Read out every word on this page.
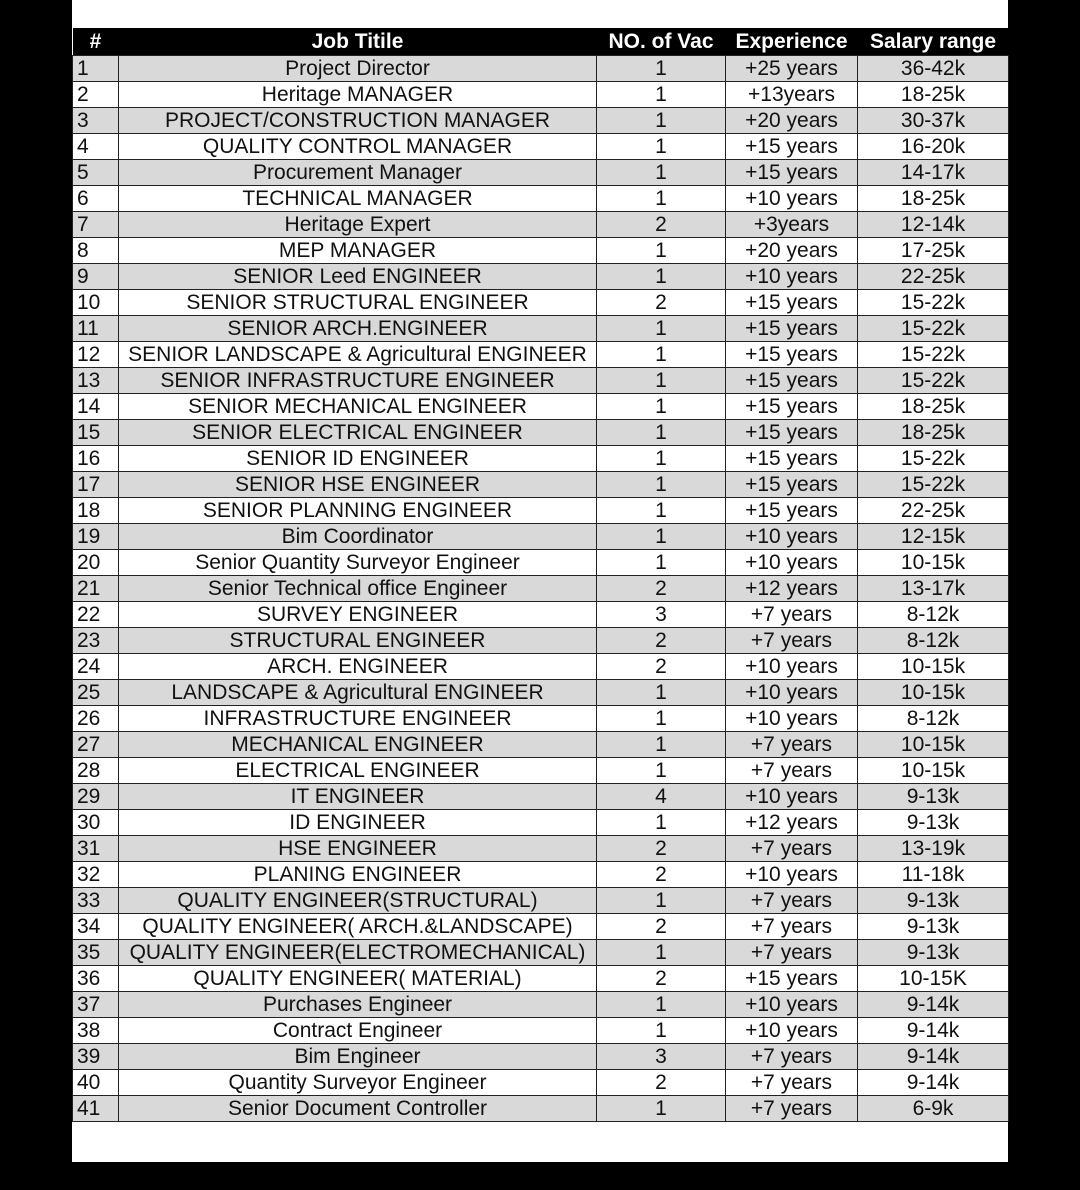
#	Job Titile	NO. of Vac	Experience	Salary range
1	Project Director	1	+25 years	36-42k
2	Heritage MANAGER	1	+13years	18-25k
3	PROJECT/CONSTRUCTION MANAGER	1	+20 years	30-37k
4	QUALITY CONTROL MANAGER	1	+15 years	16-20k
5	Procurement Manager	1	+15 years	14-17k
6	TECHNICAL MANAGER	1	+10 years	18-25k
7	Heritage Expert	2	+3years	12-14k
8	MEP MANAGER	1	+20 years	17-25k
9	SENIOR Leed ENGINEER	1	+10 years	22-25k
10	SENIOR STRUCTURAL ENGINEER	2	+15 years	15-22k
11	SENIOR ARCH.ENGINEER	1	+15 years	15-22k
12	SENIOR LANDSCAPE & Agricultural ENGINEER	1	+15 years	15-22k
13	SENIOR INFRASTRUCTURE ENGINEER	1	+15 years	15-22k
14	SENIOR MECHANICAL ENGINEER	1	+15 years	18-25k
15	SENIOR ELECTRICAL ENGINEER	1	+15 years	18-25k
16	SENIOR ID ENGINEER	1	+15 years	15-22k
17	SENIOR HSE ENGINEER	1	+15 years	15-22k
18	SENIOR PLANNING ENGINEER	1	+15 years	22-25k
19	Bim Coordinator	1	+10 years	12-15k
20	Senior Quantity Surveyor Engineer	1	+10 years	10-15k
21	Senior Technical office Engineer	2	+12 years	13-17k
22	SURVEY ENGINEER	3	+7 years	8-12k
23	STRUCTURAL ENGINEER	2	+7 years	8-12k
24	ARCH. ENGINEER	2	+10 years	10-15k
25	LANDSCAPE & Agricultural ENGINEER	1	+10 years	10-15k
26	INFRASTRUCTURE ENGINEER	1	+10 years	8-12k
27	MECHANICAL ENGINEER	1	+7 years	10-15k
28	ELECTRICAL ENGINEER	1	+7 years	10-15k
29	IT ENGINEER	4	+10 years	9-13k
30	ID ENGINEER	1	+12 years	9-13k
31	HSE ENGINEER	2	+7 years	13-19k
32	PLANING ENGINEER	2	+10 years	11-18k
33	QUALITY ENGINEER(STRUCTURAL)	1	+7 years	9-13k
34	QUALITY ENGINEER( ARCH.&LANDSCAPE)	2	+7 years	9-13k
35	QUALITY ENGINEER(ELECTROMECHANICAL)	1	+7 years	9-13k
36	QUALITY ENGINEER( MATERIAL)	2	+15 years	10-15K
37	Purchases Engineer	1	+10 years	9-14k
38	Contract Engineer	1	+10 years	9-14k
39	Bim Engineer	3	+7 years	9-14k
40	Quantity Surveyor Engineer	2	+7 years	9-14k
41	Senior Document Controller	1	+7 years	6-9k
